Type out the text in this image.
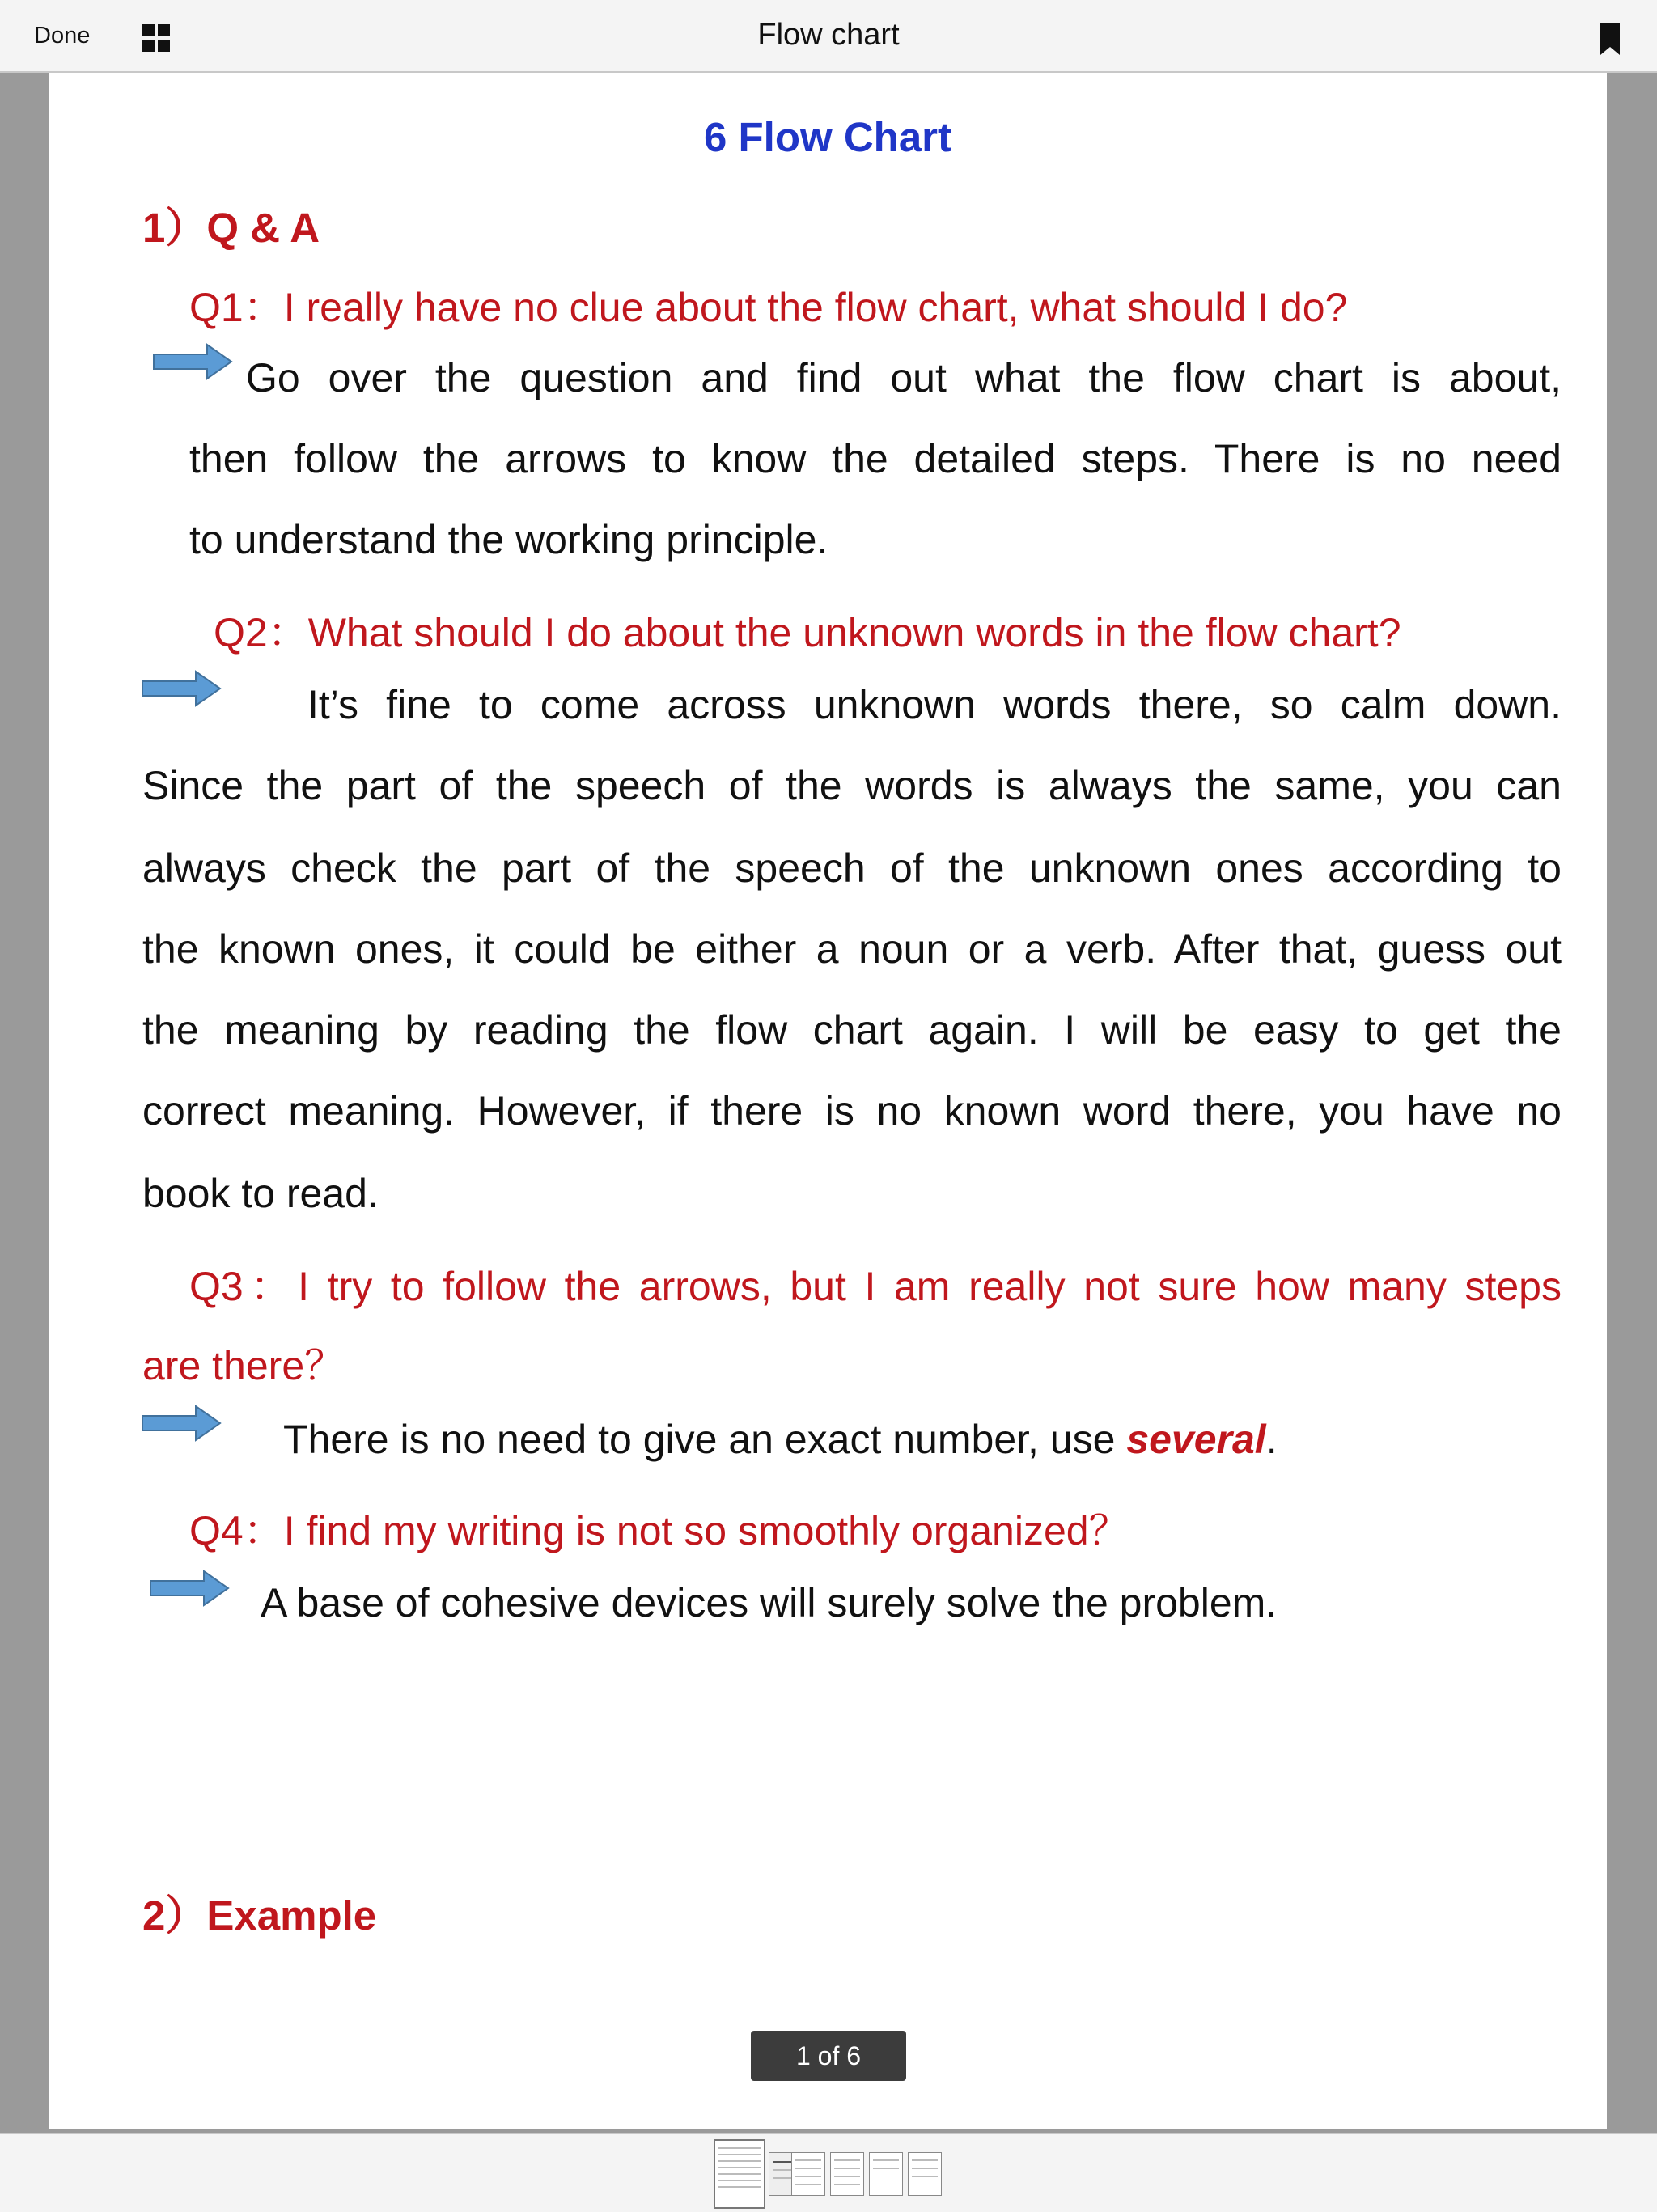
Done	Flow chart
6 Flow Chart
1）Q & A
Q1：I really have no clue about the flow chart, what should I do?
Go over the question and find out what the flow chart is about,
then follow the arrows to know the detailed steps. There is no need
to understand the working principle.
Q2：What should I do about the unknown words in the flow chart?
It’s fine to come across unknown words there, so calm down.
Since the part of the speech of the words is always the same, you can
always check the part of the speech of the unknown ones according to
the known ones, it could be either a noun or a verb. After that, guess out
the meaning by reading the flow chart again. I will be easy to get the
correct meaning. However, if there is no known word there, you have no
book to read.
Q3：I try to follow the arrows, but I am really not sure how many steps
are there？
There is no need to give an exact number, use several.
Q4：I find my writing is not so smoothly organized？
A base of cohesive devices will surely solve the problem.
2）Example
1 of 6
